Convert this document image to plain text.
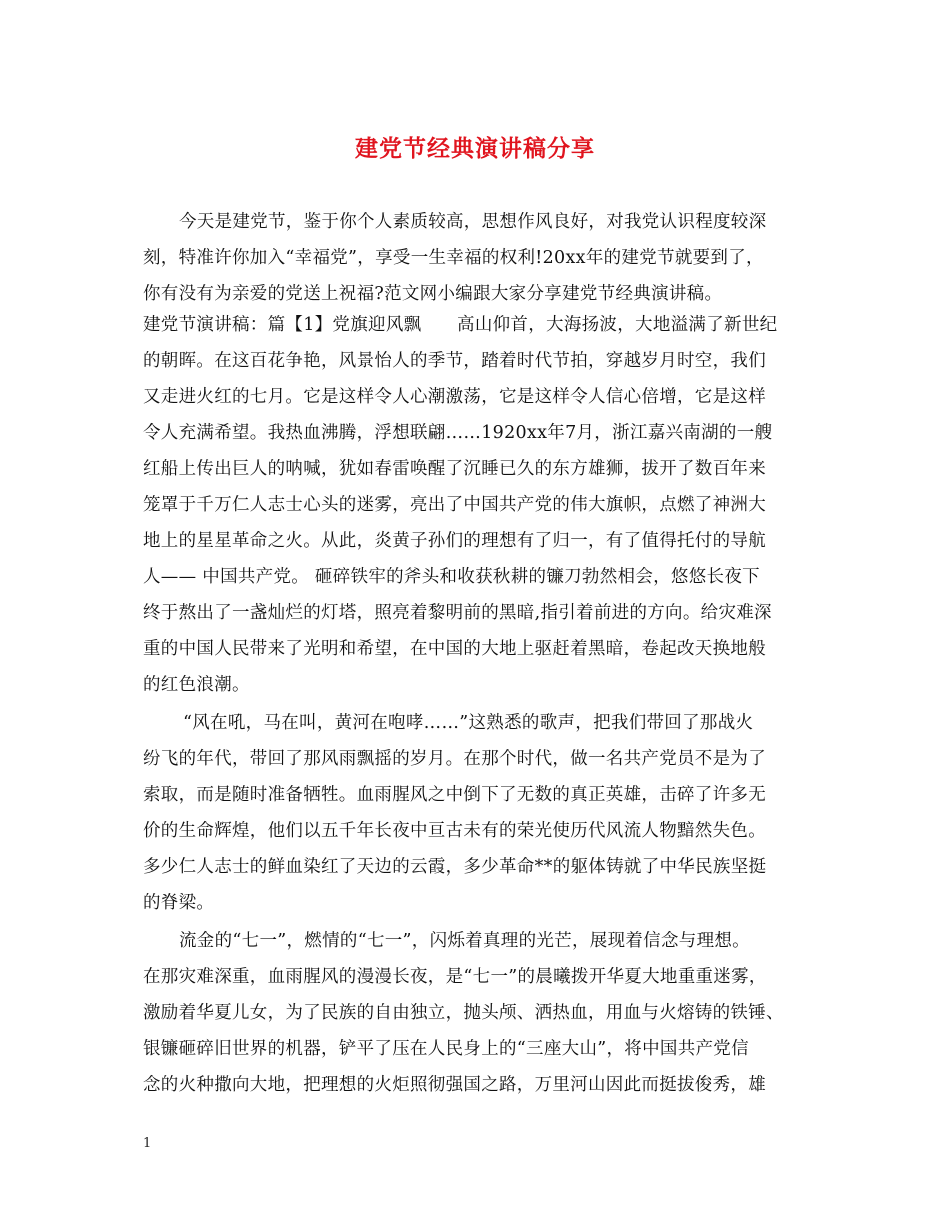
建党节经典演讲稿分享
今天是建党节，鉴于你个人素质较高，思想作风良好，对我党认识程度较深
刻，特准许你加入“幸福党”，享受一生幸福的权利!20xx年的建党节就要到了，
你有没有为亲爱的党送上祝福?范文网小编跟大家分享建党节经典演讲稿。
建党节演讲稿：篇【1】党旗迎风飘　　高山仰首，大海扬波，大地溢满了新世纪
的朝晖。在这百花争艳，风景怡人的季节，踏着时代节拍，穿越岁月时空，我们
又走进火红的七月。它是这样令人心潮激荡，它是这样令人信心倍增，它是这样
令人充满希望。我热血沸腾，浮想联翩……1920xx年7月，浙江嘉兴南湖的一艘
红船上传出巨人的呐喊，犹如春雷唤醒了沉睡已久的东方雄狮，拔开了数百年来
笼罩于千万仁人志士心头的迷雾，亮出了中国共产党的伟大旗帜，点燃了神洲大
地上的星星革命之火。从此，炎黄子孙们的理想有了归一，有了值得托付的导航
人—— 中国共产党。 砸碎铁牢的斧头和收获秋耕的镰刀勃然相会，悠悠长夜下
终于熬出了一盏灿烂的灯塔，照亮着黎明前的黑暗,指引着前进的方向。给灾难深
重的中国人民带来了光明和希望，在中国的大地上驱赶着黑暗，卷起改天换地般
的红色浪潮。
“风在吼，马在叫，黄河在咆哮……”这熟悉的歌声，把我们带回了那战火
纷飞的年代，带回了那风雨飘摇的岁月。在那个时代，做一名共产党员不是为了
索取，而是随时准备牺牲。血雨腥风之中倒下了无数的真正英雄，击碎了许多无
价的生命辉煌，他们以五千年长夜中亘古未有的荣光使历代风流人物黯然失色。
多少仁人志士的鲜血染红了天边的云霞，多少革命**的躯体铸就了中华民族坚挺
的脊梁。
流金的“七一”，燃情的“七一”，闪烁着真理的光芒，展现着信念与理想。
在那灾难深重，血雨腥风的漫漫长夜，是“七一”的晨曦拨开华夏大地重重迷雾，
激励着华夏儿女，为了民族的自由独立，抛头颅、洒热血，用血与火熔铸的铁锤、
银镰砸碎旧世界的机器，铲平了压在人民身上的“三座大山”，将中国共产党信
念的火种撒向大地，把理想的火炬照彻强国之路，万里河山因此而挺拔俊秀，雄
1
